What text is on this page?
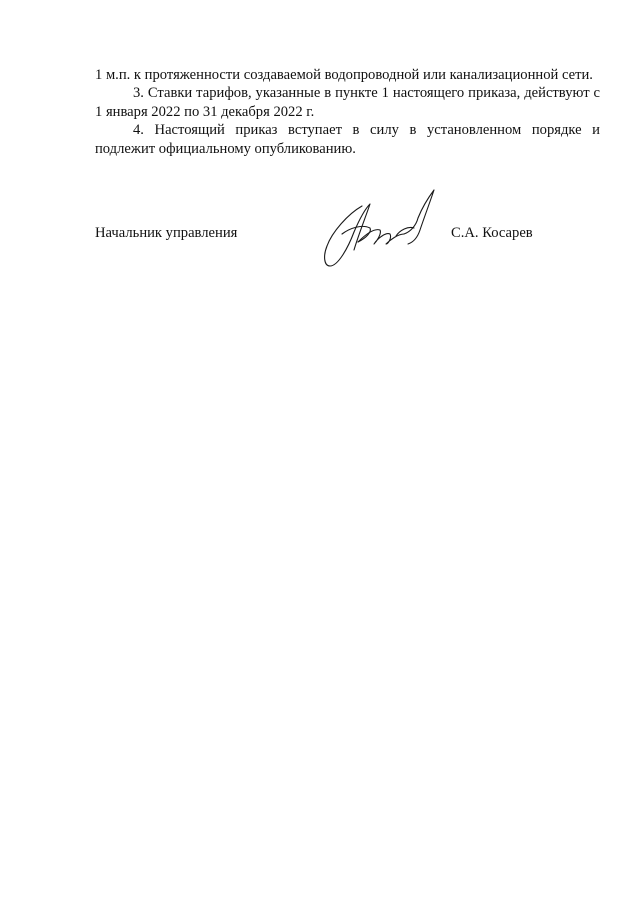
1 м.п. к протяженности создаваемой водопроводной или канализационной сети.

3. Ставки тарифов, указанные в пункте 1 настоящего приказа, действуют с 1 января 2022 по 31 декабря 2022 г.

4. Настоящий приказ вступает в силу в установленном порядке и подлежит официальному опубликованию.

Начальник управления	С.А. Косарев
